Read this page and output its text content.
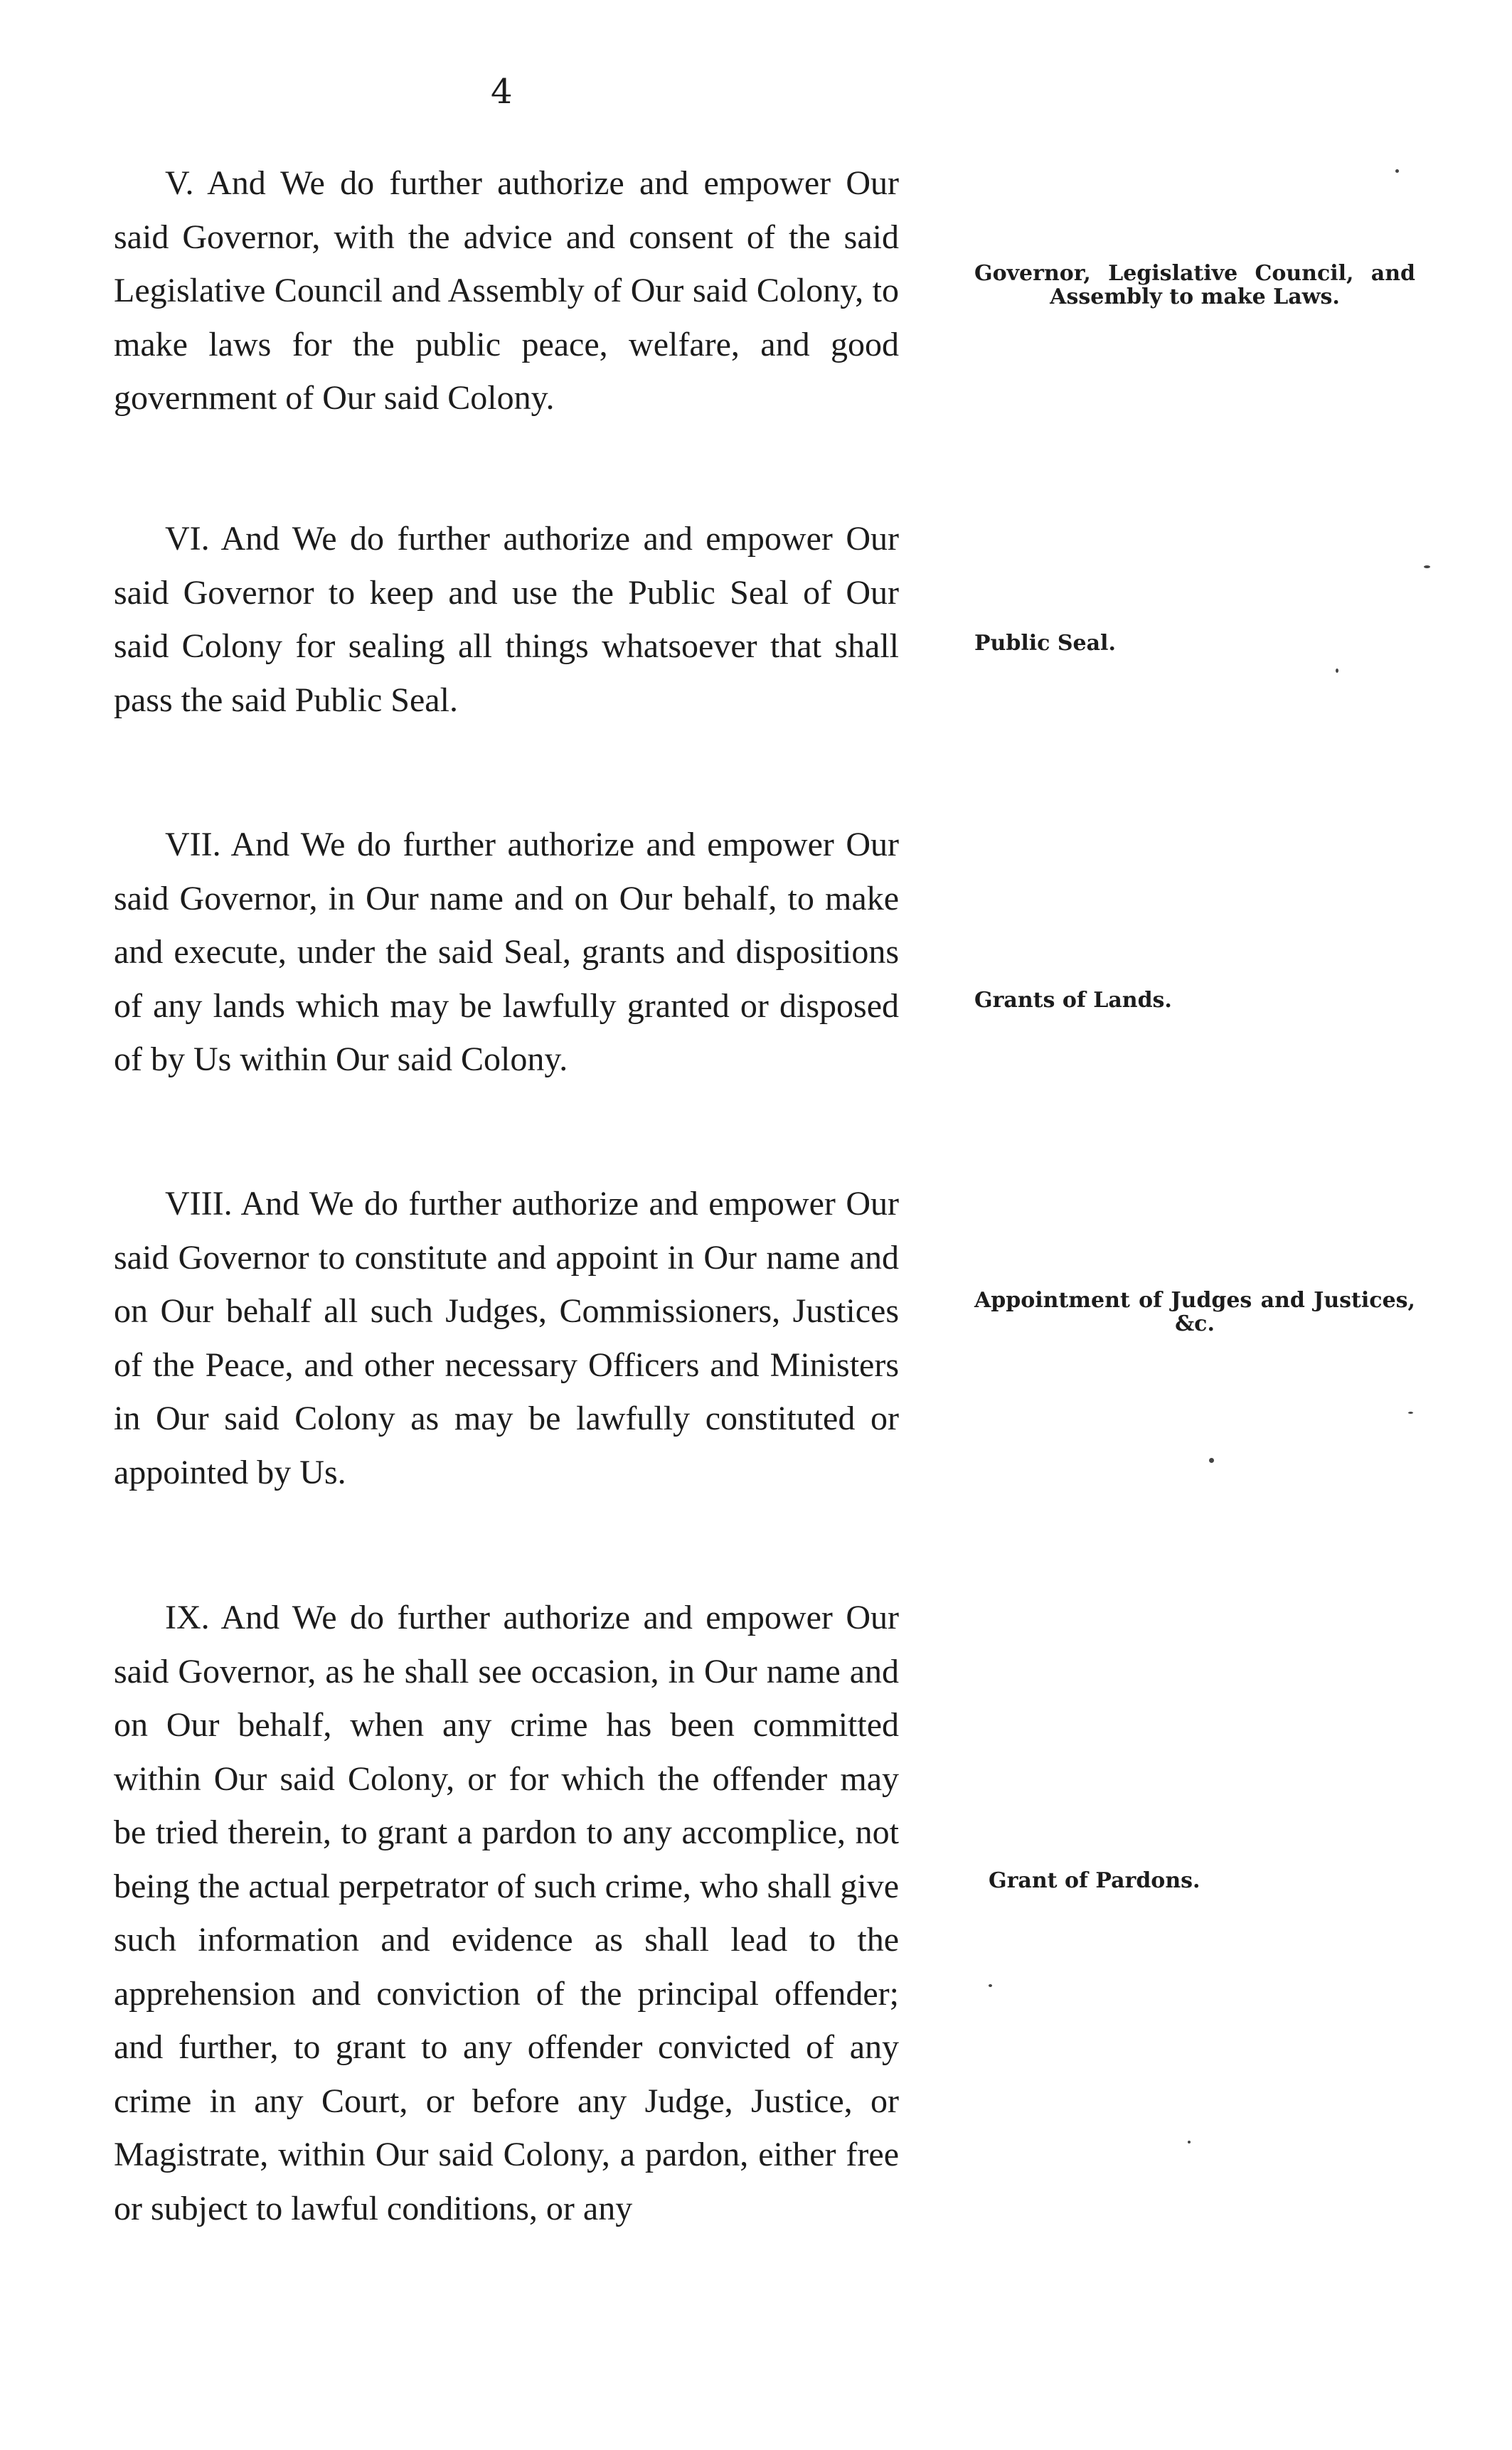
4

V. And We do further authorize and empower Our said Governor, with the advice and consent of the said Legislative Council and Assembly of Our said Colony, to make laws for the public peace, welfare, and good government of Our said Colony.

Governor, Legislative Council, and Assembly to make Laws.

VI. And We do further authorize and empower Our said Governor to keep and use the Public Seal of Our said Colony for sealing all things whatsoever that shall pass the said Public Seal.

Public Seal.

VII. And We do further authorize and empower Our said Governor, in Our name and on Our behalf, to make and execute, under the said Seal, grants and dispositions of any lands which may be lawfully granted or disposed of by Us within Our said Colony.

Grants of Lands.

VIII. And We do further authorize and empower Our said Governor to constitute and appoint in Our name and on Our behalf all such Judges, Commissioners, Justices of the Peace, and other necessary Officers and Ministers in Our said Colony as may be lawfully constituted or appointed by Us.

Appointment of Judges and Justices, &c.

IX. And We do further authorize and empower Our said Governor, as he shall see occasion, in Our name and on Our behalf, when any crime has been committed within Our said Colony, or for which the offender may be tried therein, to grant a pardon to any accomplice, not being the actual perpetrator of such crime, who shall give such information and evidence as shall lead to the apprehension and conviction of the principal offender; and further, to grant to any offender convicted of any crime in any Court, or before any Judge, Justice, or Magistrate, within Our said Colony, a pardon, either free or subject to lawful conditions, or any

Grant of Pardons.
